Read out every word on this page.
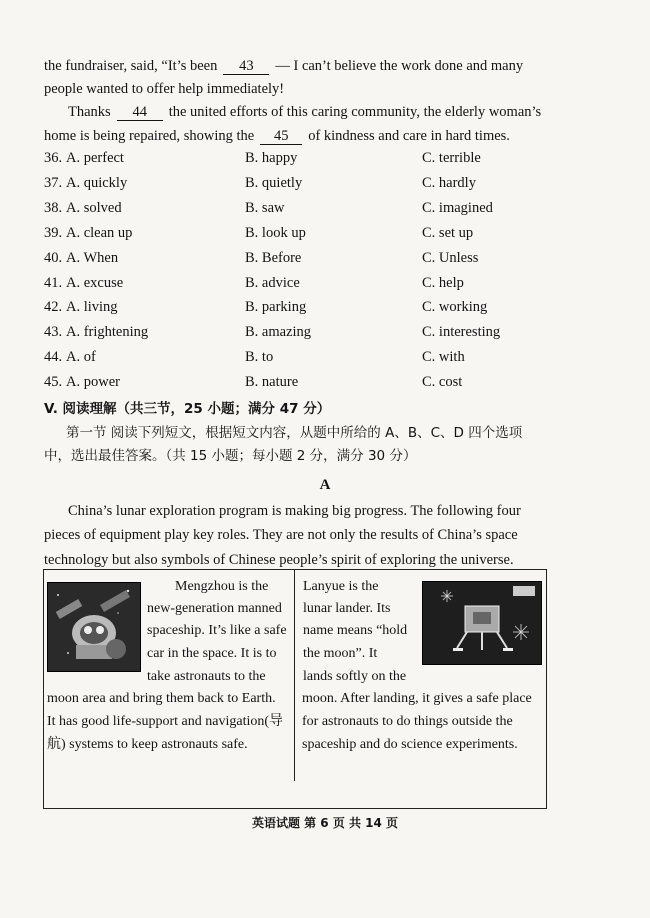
the fundraiser, said, “It’s been 43 — I can’t believe the work done and many
people wanted to offer help immediately!
Thanks 44 the united efforts of this caring community, the elderly woman’s
home is being repaired, showing the 45 of kindness and care in hard times.
36. A. perfect	B. happy	C. terrible
37. A. quickly	B. quietly	C. hardly
38. A. solved	B. saw	C. imagined
39. A. clean up	B. look up	C. set up
40. A. When	B. Before	C. Unless
41. A. excuse	B. advice	C. help
42. A. living	B. parking	C. working
43. A. frightening	B. amazing	C. interesting
44. A. of	B. to	C. with
45. A. power	B. nature	C. cost
V. 阅读理解（共三节，25 小题；满分 47 分）
第一节 阅读下列短文，根据短文内容，从题中所给的 A、B、C、D 四个选项
中，选出最佳答案。（共 15 小题；每小题 2 分，满分 30 分）
A
China’s lunar exploration program is making big progress. The following four
pieces of equipment play key roles. They are not only the results of China’s space
technology but also symbols of Chinese people’s spirit of exploring the universe.
Mengzhou is the
new-generation manned
spaceship. It’s like a safe
car in the space. It is to
take astronauts to the
moon area and bring them back to Earth.
It has good life-support and navigation(导
航) systems to keep astronauts safe.
Lanyue is the
lunar lander. Its
name means “hold
the moon”. It
lands softly on the
moon. After landing, it gives a safe place
for astronauts to do things outside the
spaceship and do science experiments.
英语试题 第 6 页 共 14 页
